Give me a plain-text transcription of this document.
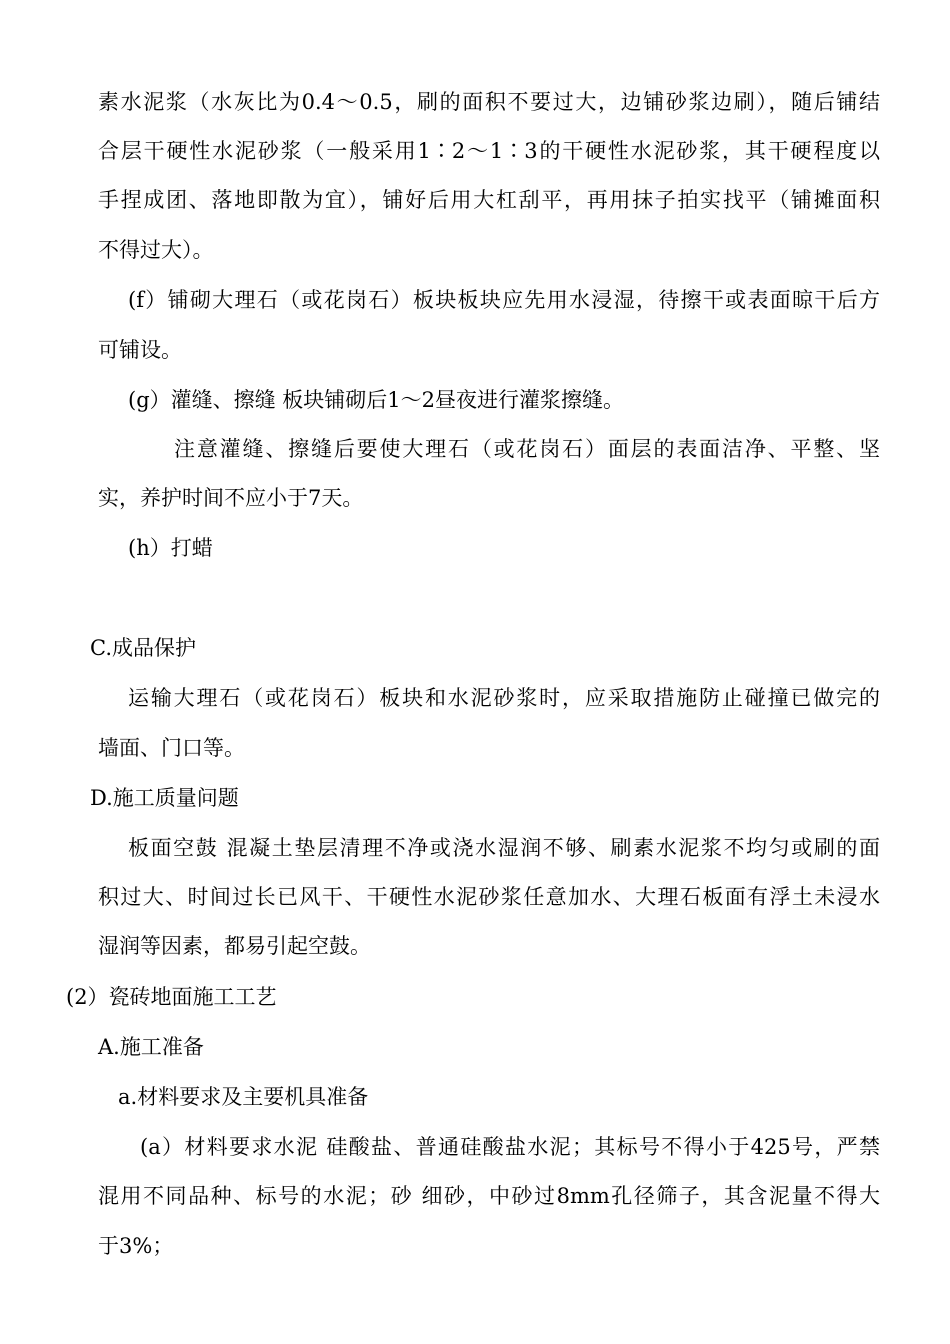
素水泥浆（水灰比为0.4～0.5，刷的面积不要过大，边铺砂浆边刷），随后铺结
合层干硬性水泥砂浆（一般采用1∶2～1∶3的干硬性水泥砂浆，其干硬程度以
手捏成团、落地即散为宜），铺好后用大杠刮平，再用抹子拍实找平（铺摊面积
不得过大）。
(f）铺砌大理石（或花岗石）板块板块应先用水浸湿，待擦干或表面晾干后方
可铺设。
(g）灌缝、擦缝 板块铺砌后1～2昼夜进行灌浆擦缝。
注意灌缝、擦缝后要使大理石（或花岗石）面层的表面洁净、平整、坚
实，养护时间不应小于7天。
(h）打蜡
C.成品保护
运输大理石（或花岗石）板块和水泥砂浆时，应采取措施防止碰撞已做完的
墙面、门口等。
D.施工质量问题
板面空鼓 混凝土垫层清理不净或浇水湿润不够、刷素水泥浆不均匀或刷的面
积过大、时间过长已风干、干硬性水泥砂浆任意加水、大理石板面有浮土未浸水
湿润等因素，都易引起空鼓。
(2）瓷砖地面施工工艺
A.施工准备
a.材料要求及主要机具准备
(a）材料要求水泥 硅酸盐、普通硅酸盐水泥；其标号不得小于425号，严禁
混用不同品种、标号的水泥；砂 细砂，中砂过8mm孔径筛子，其含泥量不得大
于3%；
